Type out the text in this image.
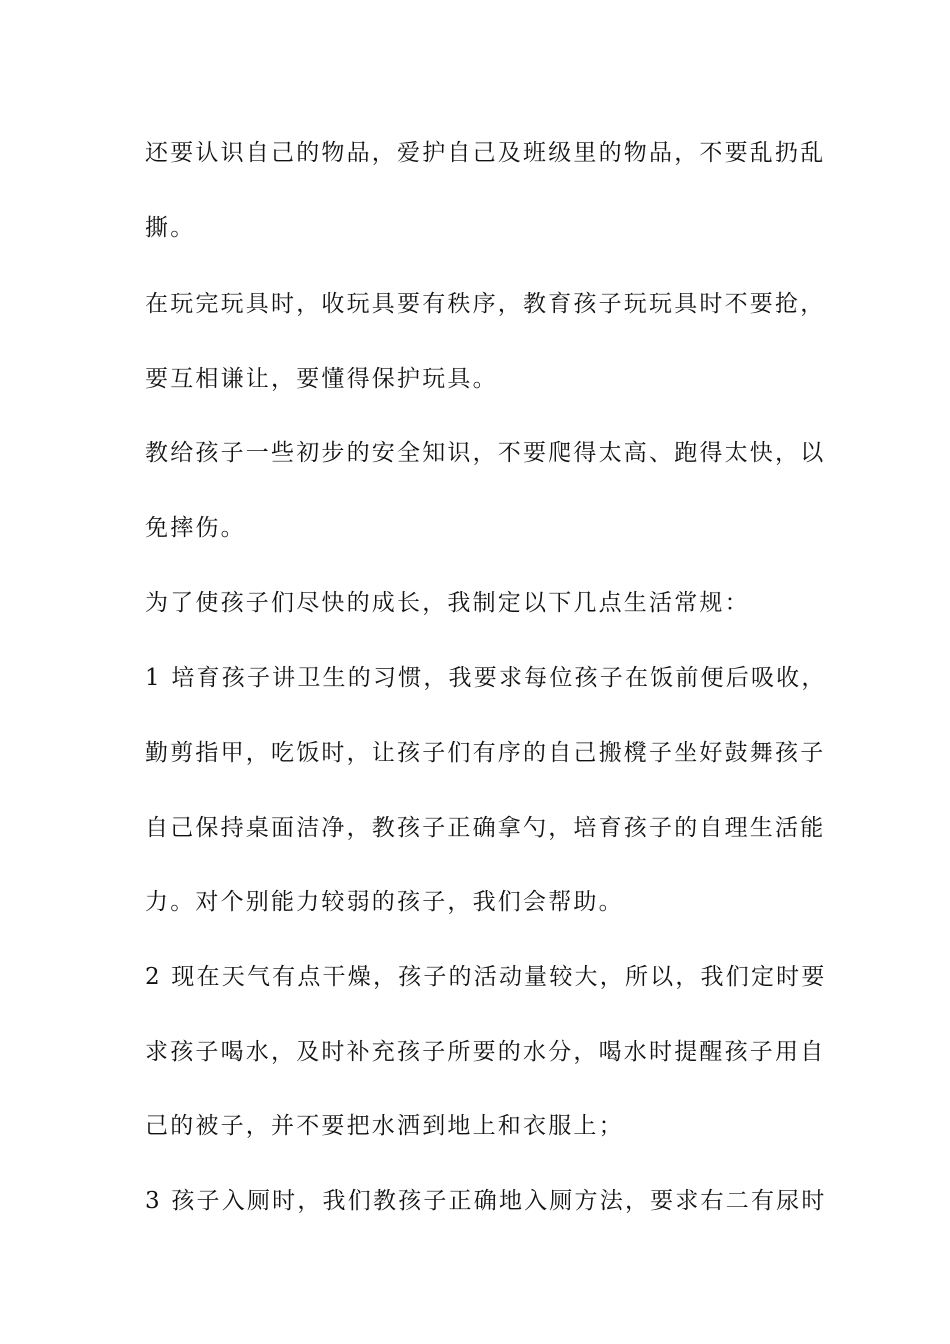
还要认识自己的物品，爱护自己及班级里的物品，不要乱扔乱
撕。
在玩完玩具时，收玩具要有秩序，教育孩子玩玩具时不要抢，
要互相谦让，要懂得保护玩具。
教给孩子一些初步的安全知识，不要爬得太高、跑得太快，以
免摔伤。
为了使孩子们尽快的成长，我制定以下几点生活常规：
1 培育孩子讲卫生的习惯，我要求每位孩子在饭前便后吸收，
勤剪指甲，吃饭时，让孩子们有序的自己搬櫈子坐好鼓舞孩子
自己保持桌面洁净，教孩子正确拿勺，培育孩子的自理生活能
力。对个别能力较弱的孩子，我们会帮助。
2 现在天气有点干燥，孩子的活动量较大，所以，我们定时要
求孩子喝水，及时补充孩子所要的水分，喝水时提醒孩子用自
己的被子，并不要把水洒到地上和衣服上；
3 孩子入厕时，我们教孩子正确地入厕方法，要求右二有尿时
